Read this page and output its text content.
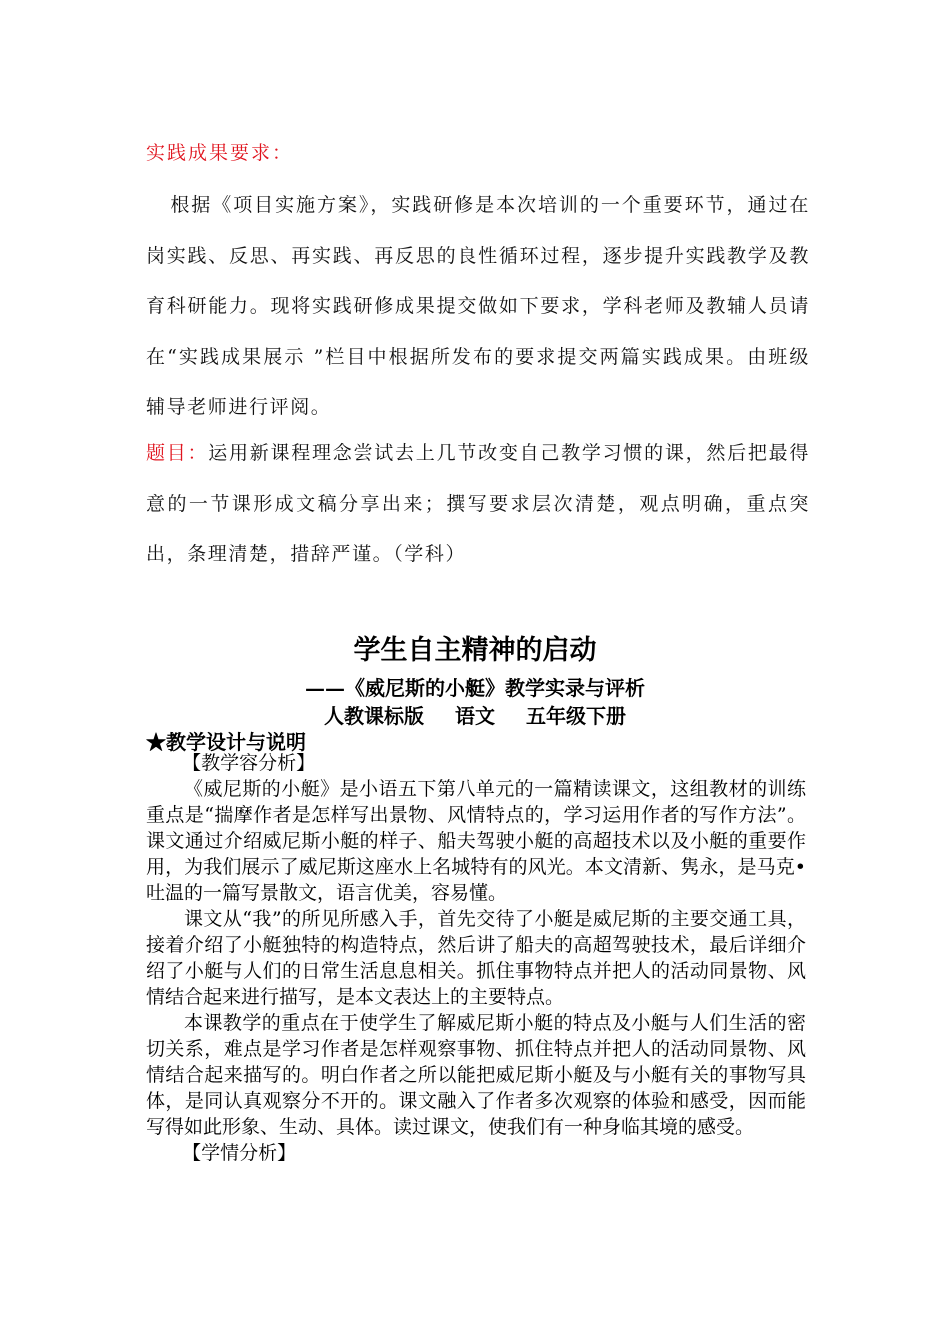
实践成果要求：
根据《项目实施方案》，实践研修是本次培训的一个重要环节，通过在岗实践、反思、再实践、再反思的良性循环过程，逐步提升实践教学及教育科研能力。现将实践研修成果提交做如下要求，学科老师及教辅人员请在“实践成果展示 ”栏目中根据所发布的要求提交两篇实践成果。由班级辅导老师进行评阅。
题目：运用新课程理念尝试去上几节改变自己教学习惯的课，然后把最得意的一节课形成文稿分享出来；撰写要求层次清楚，观点明确，重点突出，条理清楚，措辞严谨。（学科）
学生自主精神的启动
——《威尼斯的小艇》教学实录与评析
人教课标版 语文 五年级下册
★教学设计与说明

【教学容分析】

《威尼斯的小艇》是小语五下第八单元的一篇精读课文，这组教材的训练重点是“揣摩作者是怎样写出景物、风情特点的，学习运用作者的写作方法”。课文通过介绍威尼斯小艇的样子、船夫驾驶小艇的高超技术以及小艇的重要作用，为我们展示了威尼斯这座水上名城特有的风光。本文清新、隽永，是马克•吐温的一篇写景散文，语言优美，容易懂。

课文从“我”的所见所感入手，首先交待了小艇是威尼斯的主要交通工具，接着介绍了小艇独特的构造特点，然后讲了船夫的高超驾驶技术，最后详细介绍了小艇与人们的日常生活息息相关。抓住事物特点并把人的活动同景物、风情结合起来进行描写，是本文表达上的主要特点。

本课教学的重点在于使学生了解威尼斯小艇的特点及小艇与人们生活的密切关系，难点是学习作者是怎样观察事物、抓住特点并把人的活动同景物、风情结合起来描写的。明白作者之所以能把威尼斯小艇及与小艇有关的事物写具体，是同认真观察分不开的。课文融入了作者多次观察的体验和感受，因而能写得如此形象、生动、具体。读过课文，使我们有一种身临其境的感受。

【学情分析】
